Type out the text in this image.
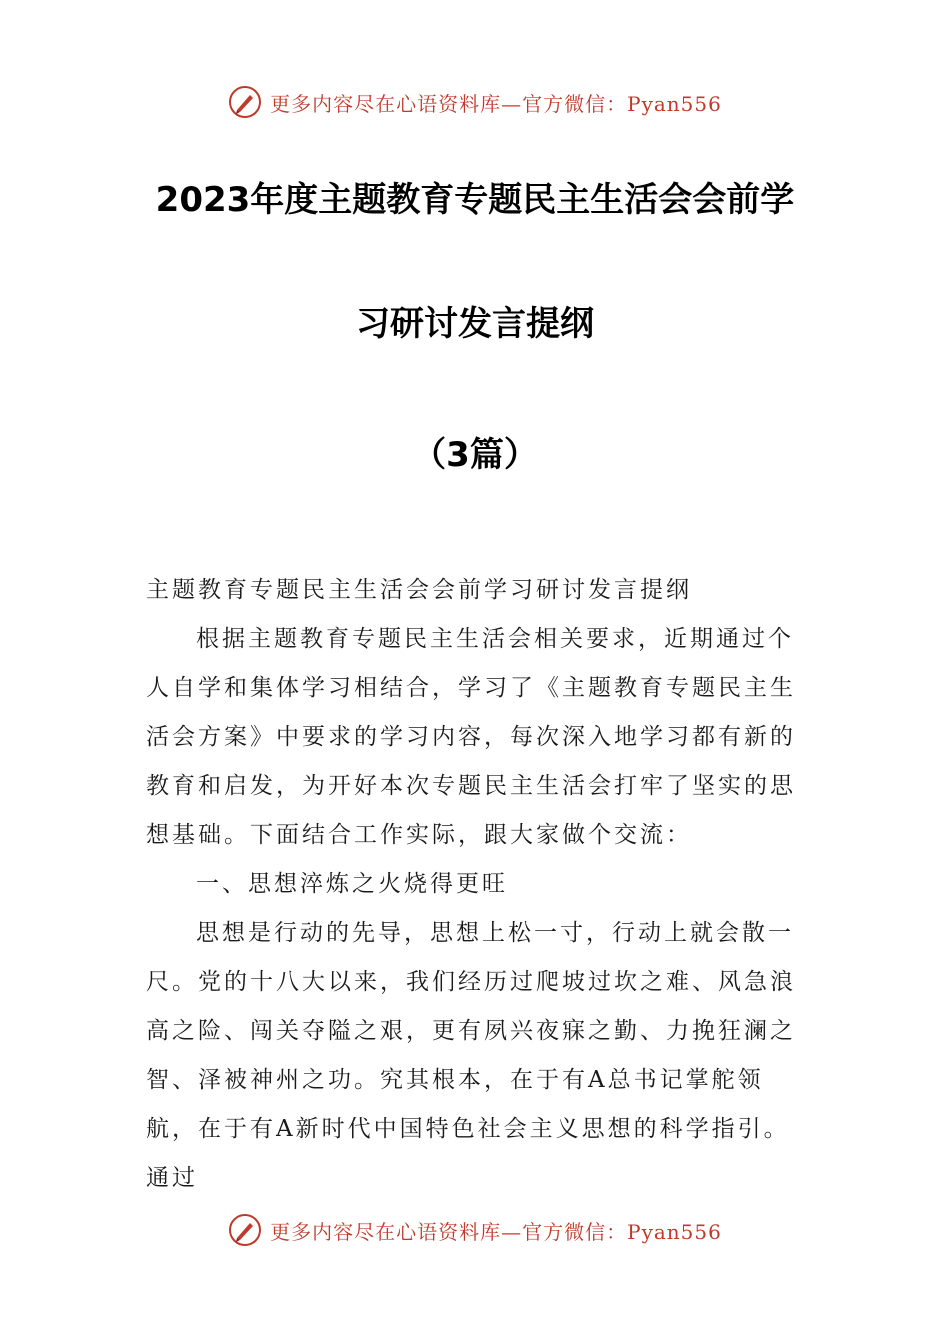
更多内容尽在心语资料库—官方微信：Pyan556
2023年度主题教育专题民主生活会会前学
习研讨发言提纲
（3篇）

主题教育专题民主生活会会前学习研讨发言提纲

根据主题教育专题民主生活会相关要求，近期通过个人自学和集体学习相结合，学习了《主题教育专题民主生活会方案》中要求的学习内容，每次深入地学习都有新的教育和启发，为开好本次专题民主生活会打牢了坚实的思想基础。下面结合工作实际，跟大家做个交流：

一、思想淬炼之火烧得更旺

思想是行动的先导，思想上松一寸，行动上就会散一尺。党的十八大以来，我们经历过爬坡过坎之难、风急浪高之险、闯关夺隘之艰，更有夙兴夜寐之勤、力挽狂澜之智、泽被神州之功。究其根本，在于有A总书记掌舵领航，在于有A新时代中国特色社会主义思想的科学指引。通过

更多内容尽在心语资料库—官方微信：Pyan556
